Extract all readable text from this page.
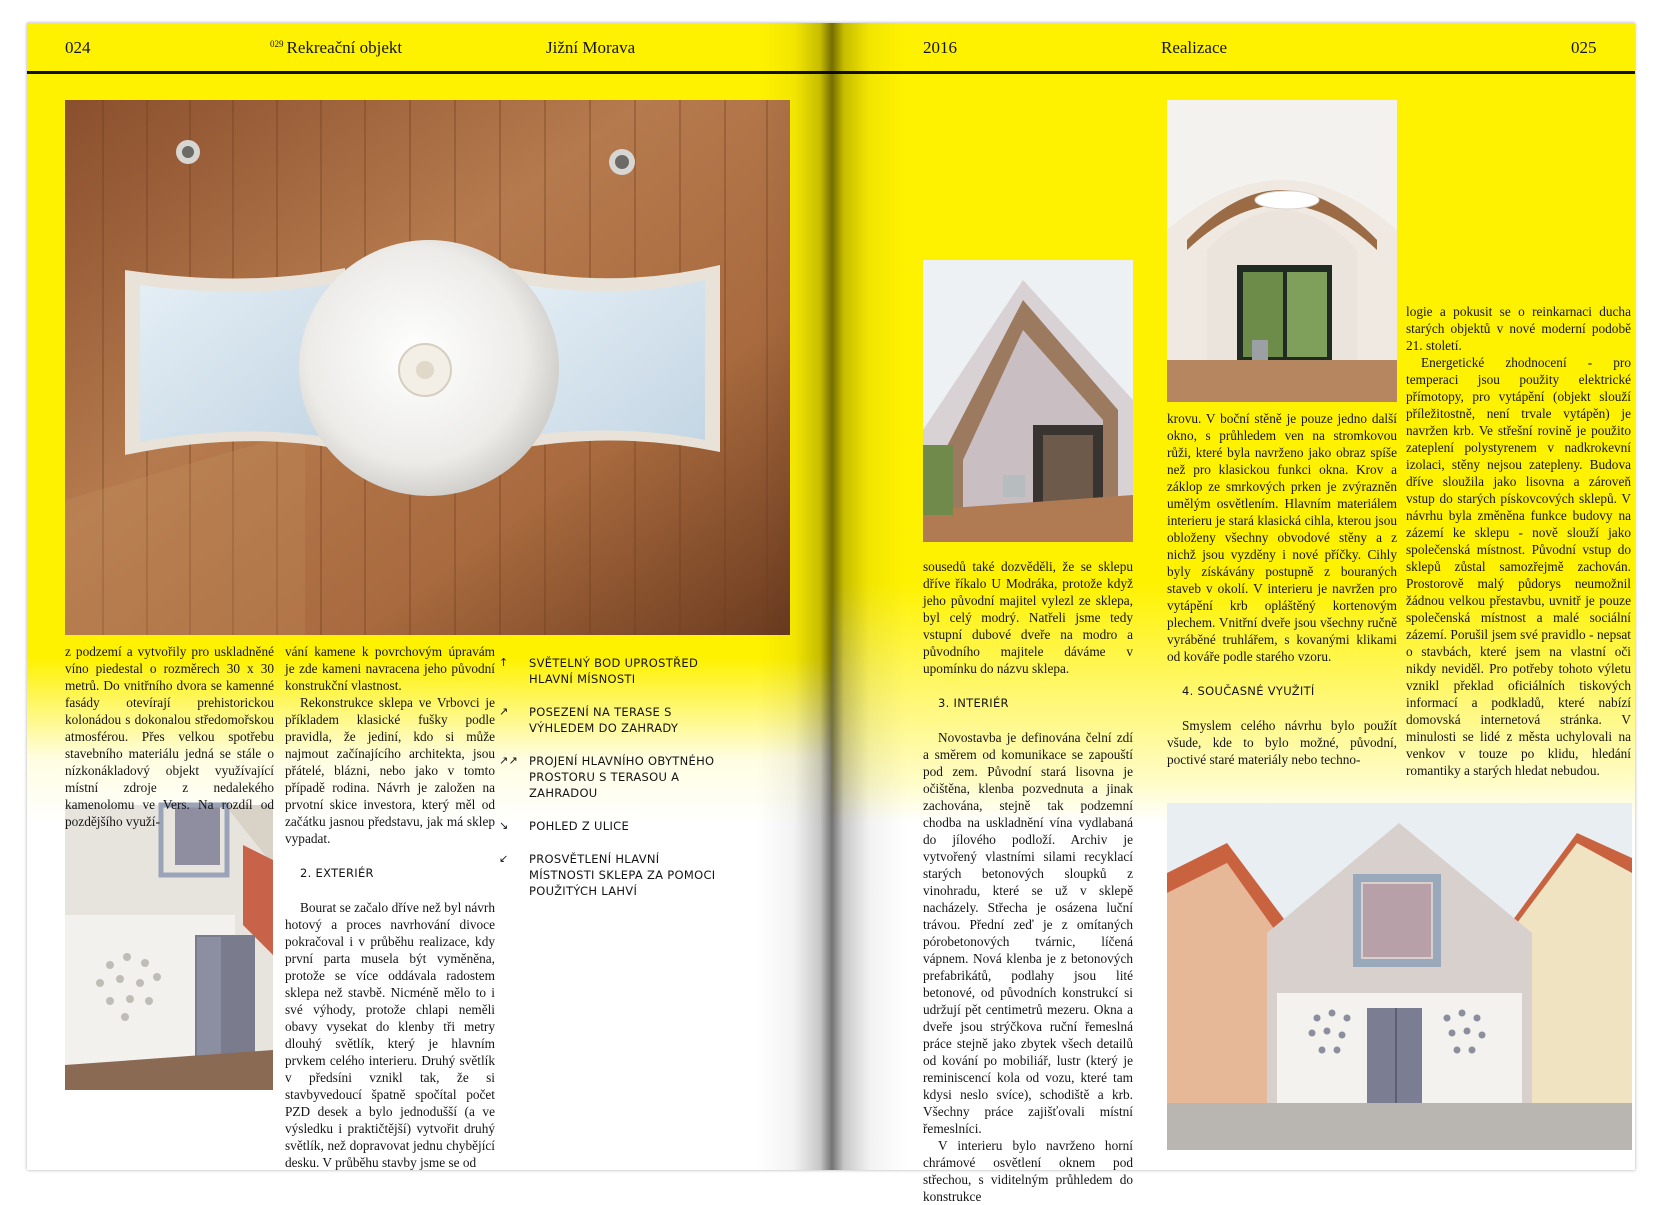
024	$^{029}$ Rekreační objekt	Jižní Morava

z podzemí a vytvořily pro uskladněné víno piedestal o rozměrech 30 x 30 metrů. Do vnitřního dvora se kamenné fasády otevírají prehistorickou kolonádou s dokonalou středomořskou atmosférou. Přes velkou spotřebu stavebního materiálu jedná se stále o nízkonákladový objekt využívající místní zdroje z nedalekého kamenolomu ve Vers. Na rozdíl od pozdějšího využí-

vání kamene k povrchovým úpravám je zde kameni navracena jeho původní konstrukční vlastnost.

Rekonstrukce sklepa ve Vrbovci je příkladem klasické fušky podle pravidla, že jediní, kdo si může najmout začínajícího architekta, jsou přátelé, blázni, nebo jako v tomto případě rodina. Návrh je založen na prvotní skice investora, který měl od začátku jasnou představu, jak má sklep vypadat.

2. EXTERIÉR

Bourat se začalo dříve než byl návrh hotový a proces navrhování divoce pokračoval i v průběhu realizace, kdy první parta musela být vyměněna, protože se více oddávala radostem sklepa než stavbě. Nicméně mělo to i své výhody, protože chlapi neměli obavy vysekat do klenby tři metry dlouhý světlík, který je hlavním prvkem celého interieru. Druhý světlík v předsíni vznikl tak, že si stavbyvedoucí špatně spočítal počet PZD desek a bylo jednodušší (a ve výsledku i praktičtější) vytvořit druhý světlík, než dopravovat jednu chybějící desku. V průběhu stavby jsme se od

↑ SVĚTELNÝ BOD UPROSTŘED HLAVNÍ MÍSNOSTI
↗ POSEZENÍ NA TERASE S VÝHLEDEM DO ZAHRADY
↗↗ PROJENÍ HLAVNÍHO OBYTNÉHO PROSTORU S TERASOU A ZAHRADOU
↘ POHLED Z ULICE
↙ PROSVĚTLENÍ HLAVNÍ MÍSTNOSTI SKLEPA ZA POMOCI POUŽITÝCH LAHVÍ
2016	Realizace	025

sousedů také dozvěděli, že se sklepu dříve říkalo U Modráka, protože když jeho původní majitel vylezl ze sklepa, byl celý modrý. Natřeli jsme tedy vstupní dubové dveře na modro a původního majitele dáváme v upomínku do názvu sklepa.

3. INTERIÉR

Novostavba je definována čelní zdí a směrem od komunikace se zapouští pod zem. Původní stará lisovna je očištěna, klenba pozvednuta a jinak zachována, stejně tak podzemní chodba na uskladnění vína vydlabaná do jílového podloží. Archiv je vytvořený vlastními silami recyklací starých betonových sloupků z vinohradu, které se už v sklepě nacházely. Střecha je osázena luční trávou. Přední zeď je z omítaných pórobetonových tvárnic, líčená vápnem. Nová klenba je z betonových prefabrikátů, podlahy jsou lité betonové, od původních konstrukcí si udržují pět centimetrů mezeru. Okna a dveře jsou strýčkova ruční řemeslná práce stejně jako zbytek všech detailů od kování po mobiliář, lustr (který je reminiscencí kola od vozu, které tam kdysi neslo svíce), schodiště a krb. Všechny práce zajišťovali místní řemeslníci.

V interieru bylo navrženo horní chrámové osvětlení oknem pod střechou, s viditelným průhledem do konstrukce

krovu. V boční stěně je pouze jedno další okno, s průhledem ven na stromkovou růži, které byla navrženo jako obraz spíše než pro klasickou funkci okna. Krov a záklop ze smrkových prken je zvýrazněn umělým osvětlením. Hlavním materiálem interieru je stará klasická cihla, kterou jsou obloženy všechny obvodové stěny a z nichž jsou vyzděny i nové příčky. Cihly byly získávány postupně z bouraných staveb v okolí. V interieru je navržen pro vytápění krb opláštěný kortenovým plechem. Vnitřní dveře jsou všechny ručně vyráběné truhlářem, s kovanými klikami od kováře podle starého vzoru.

4. SOUČASNÉ VYUŽITÍ

Smyslem celého návrhu bylo použít všude, kde to bylo možné, původní, poctivé staré materiály nebo techno-

logie a pokusit se o reinkarnaci ducha starých objektů v nové moderní podobě 21. století.

Energetické zhodnocení - pro temperaci jsou použity elektrické přímotopy, pro vytápění (objekt slouží příležitostně, není trvale vytápěn) je navržen krb. Ve střešní rovině je použito zateplení polystyrenem v nadkrokevní izolaci, stěny nejsou zatepleny. Budova dříve sloužila jako lisovna a zároveň vstup do starých pískovcových sklepů. V návrhu byla změněna funkce budovy na zázemí ke sklepu - nově slouží jako společenská místnost. Původní vstup do sklepů zůstal samozřejmě zachován. Prostorově malý půdorys neumožnil žádnou velkou přestavbu, uvnitř je pouze společenská místnost a malé sociální zázemí. Porušil jsem své pravidlo - nepsat o stavbách, které jsem na vlastní oči nikdy neviděl. Pro potřeby tohoto výletu vznikl překlad oficiálních tiskových informací a podkladů, které nabízí domovská internetová stránka. V minulosti se lidé z města uchylovali na venkov v touze po klidu, hledání romantiky a starých hledat nebudou.
